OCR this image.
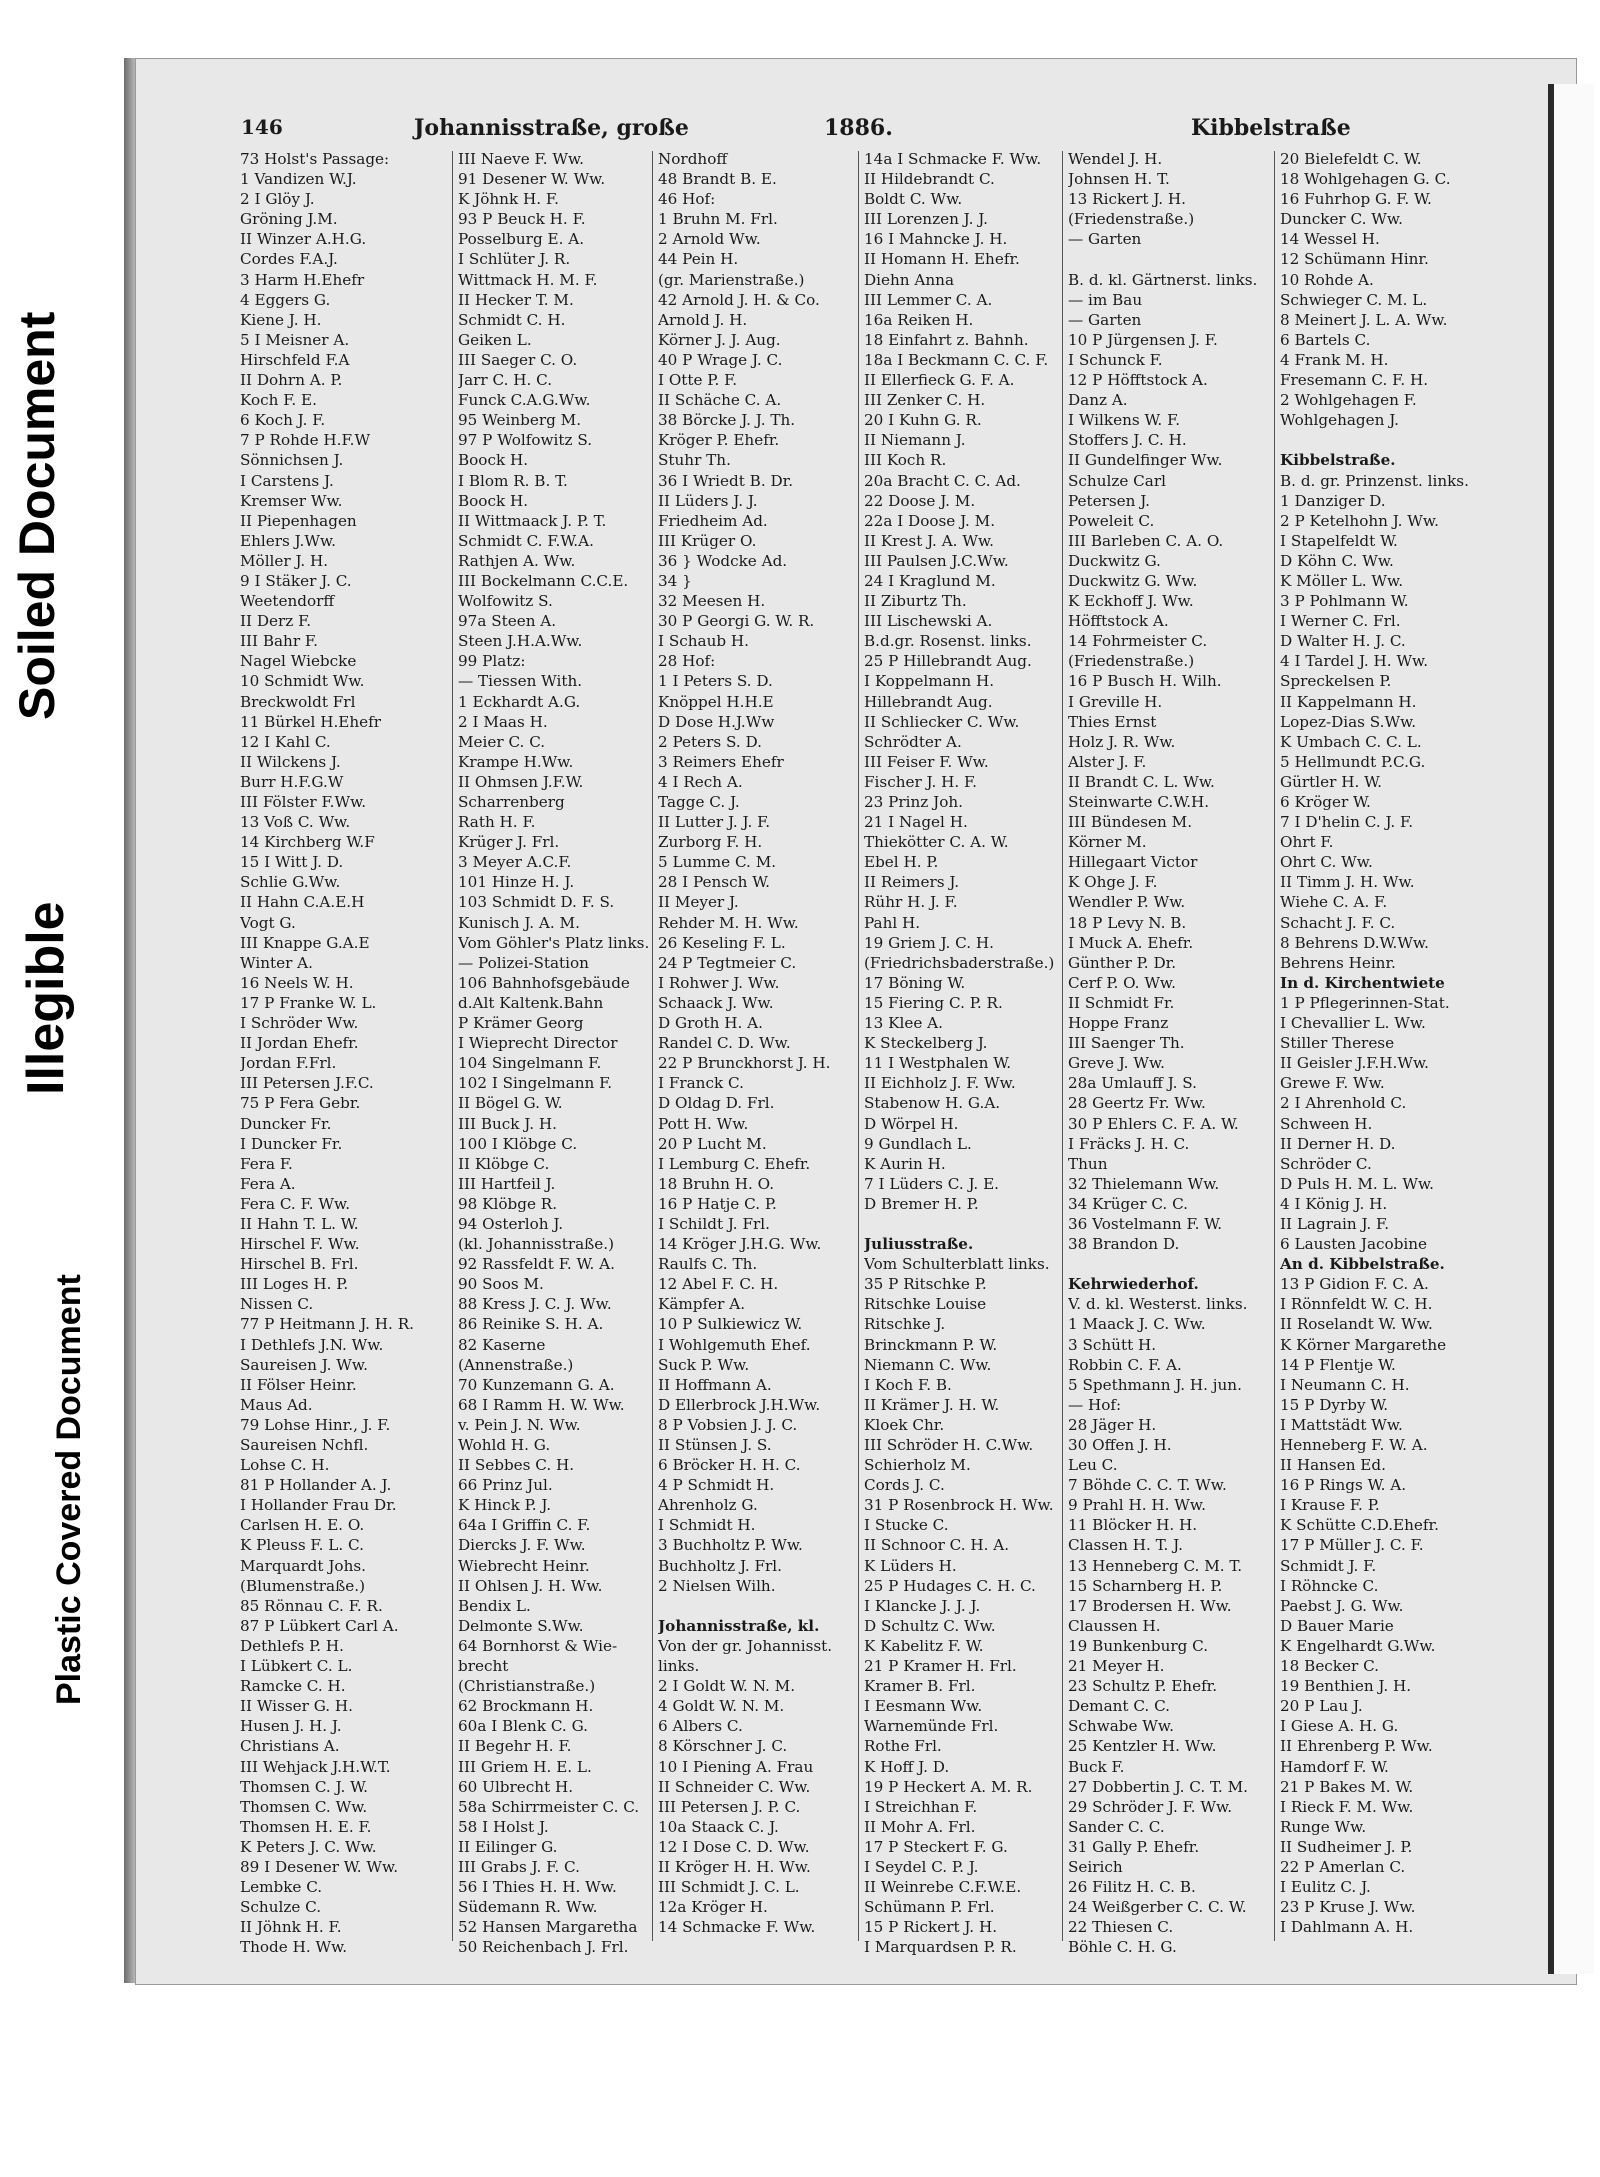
Soiled Document
Illegible
Plastic Covered Document
146	Johannisstraße, große	1886.	Kibbelstraße
73 Holst's Passage:
1 Vandizen W.J.
2 I Glöy J.
Gröning J.M.
II Winzer A.H.G.
Cordes F.A.J.
3 Harm H.Ehefr
4 Eggers G.
Kiene J. H.
5 I Meisner A.
Hirschfeld F.A
II Dohrn A. P.
Koch F. E.
6 Koch J. F.
7 P Rohde H.F.W
Sönnichsen J.
I Carstens J.
Kremser Ww.
II Piepenhagen
Ehlers J.Ww.
Möller J. H.
9 I Stäker J. C.
Weetendorff
II Derz F.
III Bahr F.
Nagel Wiebcke
10 Schmidt Ww.
Breckwoldt Frl
11 Bürkel H.Ehefr
12 I Kahl C.
II Wilckens J.
Burr H.F.G.W
III Fölster F.Ww.
13 Voß C. Ww.
14 Kirchberg W.F
15 I Witt J. D.
Schlie G.Ww.
II Hahn C.A.E.H
Vogt G.
III Knappe G.A.E
Winter A.
16 Neels W. H.
17 P Franke W. L.
I Schröder Ww.
II Jordan Ehefr.
Jordan F.Frl.
III Petersen J.F.C.
75 P Fera Gebr.
Duncker Fr.
I Duncker Fr.
Fera F.
Fera A.
Fera C. F. Ww.
II Hahn T. L. W.
Hirschel F. Ww.
Hirschel B. Frl.
III Loges H. P.
Nissen C.
77 P Heitmann J. H. R.
I Dethlefs J.N. Ww.
Saureisen J. Ww.
II Fölser Heinr.
Maus Ad.
79 Lohse Hinr., J. F.
Saureisen Nchfl.
Lohse C. H.
81 P Hollander A. J.
I Hollander Frau Dr.
Carlsen H. E. O.
K Pleuss F. L. C.
Marquardt Johs.
(Blumenstraße.)
85 Rönnau C. F. R.
87 P Lübkert Carl A.
Dethlefs P. H.
I Lübkert C. L.
Ramcke C. H.
II Wisser G. H.
Husen J. H. J.
Christians A.
III Wehjack J.H.W.T.
Thomsen C. J. W.
Thomsen C. Ww.
Thomsen H. E. F.
K Peters J. C. Ww.
89 I Desener W. Ww.
Lembke C.
Schulze C.
II Jöhnk H. F.
Thode H. Ww.
III Naeve F. Ww.
91 Desener W. Ww.
K Jöhnk H. F.
93 P Beuck H. F.
Posselburg E. A.
I Schlüter J. R.
Wittmack H. M. F.
II Hecker T. M.
Schmidt C. H.
Geiken L.
III Saeger C. O.
Jarr C. H. C.
Funck C.A.G.Ww.
95 Weinberg M.
97 P Wolfowitz S.
Boock H.
I Blom R. B. T.
Boock H.
II Wittmaack J. P. T.
Schmidt C. F.W.A.
Rathjen A. Ww.
III Bockelmann C.C.E.
Wolfowitz S.
97a Steen A.
Steen J.H.A.Ww.
99 Platz:
— Tiessen With.
1 Eckhardt A.G.
2 I Maas H.
Meier C. C.
Krampe H.Ww.
II Ohmsen J.F.W.
Scharrenberg
Rath H. F.
Krüger J. Frl.
3 Meyer A.C.F.
101 Hinze H. J.
103 Schmidt D. F. S.
Kunisch J. A. M.
Vom Göhler's Platz links.
— Polizei-Station
106 Bahnhofsgebäude
d.Alt Kaltenk.Bahn
P Krämer Georg
I Wieprecht Director
104 Singelmann F.
102 I Singelmann F.
II Bögel G. W.
III Buck J. H.
100 I Klöbge C.
II Klöbge C.
III Hartfeil J.
98 Klöbge R.
94 Osterloh J.
(kl. Johannisstraße.)
92 Rassfeldt F. W. A.
90 Soos M.
88 Kress J. C. J. Ww.
86 Reinike S. H. A.
82 Kaserne
(Annenstraße.)
70 Kunzemann G. A.
68 I Ramm H. W. Ww.
v. Pein J. N. Ww.
Wohld H. G.
II Sebbes C. H.
66 Prinz Jul.
K Hinck P. J.
64a I Griffin C. F.
Diercks J. F. Ww.
Wiebrecht Heinr.
II Ohlsen J. H. Ww.
Bendix L.
Delmonte S.Ww.
64 Bornhorst & Wie-
brecht
(Christianstraße.)
62 Brockmann H.
60a I Blenk C. G.
II Begehr H. F.
III Griem H. E. L.
60 Ulbrecht H.
58a Schirrmeister C. C.
58 I Holst J.
II Eilinger G.
III Grabs J. F. C.
56 I Thies H. H. Ww.
Südemann R. Ww.
52 Hansen Margaretha
50 Reichenbach J. Frl.
Nordhoff
48 Brandt B. E.
46 Hof:
1 Bruhn M. Frl.
2 Arnold Ww.
44 Pein H.
(gr. Marienstraße.)
42 Arnold J. H. & Co.
Arnold J. H.
Körner J. J. Aug.
40 P Wrage J. C.
I Otte P. F.
II Schäche C. A.
38 Börcke J. J. Th.
Kröger P. Ehefr.
Stuhr Th.
36 I Wriedt B. Dr.
II Lüders J. J.
Friedheim Ad.
III Krüger O.
36 } Wodcke Ad.
34 }
32 Meesen H.
30 P Georgi G. W. R.
I Schaub H.
28 Hof:
1 I Peters S. D.
Knöppel H.H.E
D Dose H.J.Ww
2 Peters S. D.
3 Reimers Ehefr
4 I Rech A.
Tagge C. J.
II Lutter J. J. F.
Zurborg F. H.
5 Lumme C. M.
28 I Pensch W.
II Meyer J.
Rehder M. H. Ww.
26 Keseling F. L.
24 P Tegtmeier C.
I Rohwer J. Ww.
Schaack J. Ww.
D Groth H. A.
Randel C. D. Ww.
22 P Brunckhorst J. H.
I Franck C.
D Oldag D. Frl.
Pott H. Ww.
20 P Lucht M.
I Lemburg C. Ehefr.
18 Bruhn H. O.
16 P Hatje C. P.
I Schildt J. Frl.
14 Kröger J.H.G. Ww.
Raulfs C. Th.
12 Abel F. C. H.
Kämpfer A.
10 P Sulkiewicz W.
I Wohlgemuth Ehef.
Suck P. Ww.
II Hoffmann A.
D Ellerbrock J.H.Ww.
8 P Vobsien J. J. C.
II Stünsen J. S.
6 Bröcker H. H. C.
4 P Schmidt H.
Ahrenholz G.
I Schmidt H.
3 Buchholtz P. Ww.
Buchholtz J. Frl.
2 Nielsen Wilh.
Johannisstraße, kl.
Von der gr. Johannisst.
links.
2 I Goldt W. N. M.
4 Goldt W. N. M.
6 Albers C.
8 Körschner J. C.
10 I Piening A. Frau
II Schneider C. Ww.
III Petersen J. P. C.
10a Staack C. J.
12 I Dose C. D. Ww.
II Kröger H. H. Ww.
III Schmidt J. C. L.
12a Kröger H.
14 Schmacke F. Ww.
14a I Schmacke F. Ww.
II Hildebrandt C.
Boldt C. Ww.
III Lorenzen J. J.
16 I Mahncke J. H.
II Homann H. Ehefr.
Diehn Anna
III Lemmer C. A.
16a Reiken H.
18 Einfahrt z. Bahnh.
18a I Beckmann C. C. F.
II Ellerfieck G. F. A.
III Zenker C. H.
20 I Kuhn G. R.
II Niemann J.
III Koch R.
20a Bracht C. C. Ad.
22 Doose J. M.
22a I Doose J. M.
II Krest J. A. Ww.
III Paulsen J.C.Ww.
24 I Kraglund M.
II Ziburtz Th.
III Lischewski A.
B.d.gr. Rosenst. links.
25 P Hillebrandt Aug.
I Koppelmann H.
Hillebrandt Aug.
II Schliecker C. Ww.
Schrödter A.
III Feiser F. Ww.
Fischer J. H. F.
23 Prinz Joh.
21 I Nagel H.
Thiekötter C. A. W.
Ebel H. P.
II Reimers J.
Rühr H. J. F.
Pahl H.
19 Griem J. C. H.
(Friedrichsbaderstraße.)
17 Böning W.
15 Fiering C. P. R.
13 Klee A.
K Steckelberg J.
11 I Westphalen W.
II Eichholz J. F. Ww.
Stabenow H. G.A.
D Wörpel H.
9 Gundlach L.
K Aurin H.
7 I Lüders C. J. E.
D Bremer H. P.
Juliusstraße.
Vom Schulterblatt links.
35 P Ritschke P.
Ritschke Louise
Ritschke J.
Brinckmann P. W.
Niemann C. Ww.
I Koch F. B.
II Krämer J. H. W.
Kloek Chr.
III Schröder H. C.Ww.
Schierholz M.
Cords J. C.
31 P Rosenbrock H. Ww.
I Stucke C.
II Schnoor C. H. A.
K Lüders H.
25 P Hudages C. H. C.
I Klancke J. J. J.
D Schultz C. Ww.
K Kabelitz F. W.
21 P Kramer H. Frl.
Kramer B. Frl.
I Eesmann Ww.
Warnemünde Frl.
Rothe Frl.
K Hoff J. D.
19 P Heckert A. M. R.
I Streichhan F.
II Mohr A. Frl.
17 P Steckert F. G.
I Seydel C. P. J.
II Weinrebe C.F.W.E.
Schümann P. Frl.
15 P Rickert J. H.
I Marquardsen P. R.
Wendel J. H.
Johnsen H. T.
13 Rickert J. H.
(Friedenstraße.)
— Garten
B. d. kl. Gärtnerst. links.
— im Bau
— Garten
10 P Jürgensen J. F.
I Schunck F.
12 P Höfftstock A.
Danz A.
I Wilkens W. F.
Stoffers J. C. H.
II Gundelfinger Ww.
Schulze Carl
Petersen J.
Poweleit C.
III Barleben C. A. O.
Duckwitz G.
Duckwitz G. Ww.
K Eckhoff J. Ww.
Höfftstock A.
14 Fohrmeister C.
(Friedenstraße.)
16 P Busch H. Wilh.
I Greville H.
Thies Ernst
Holz J. R. Ww.
Alster J. F.
II Brandt C. L. Ww.
Steinwarte C.W.H.
III Bündesen M.
Körner M.
Hillegaart Victor
K Ohge J. F.
Wendler P. Ww.
18 P Levy N. B.
I Muck A. Ehefr.
Günther P. Dr.
Cerf P. O. Ww.
II Schmidt Fr.
Hoppe Franz
III Saenger Th.
Greve J. Ww.
28a Umlauff J. S.
28 Geertz Fr. Ww.
30 P Ehlers C. F. A. W.
I Fräcks J. H. C.
Thun
32 Thielemann Ww.
34 Krüger C. C.
36 Vostelmann F. W.
38 Brandon D.
Kehrwiederhof.
V. d. kl. Westerst. links.
1 Maack J. C. Ww.
3 Schütt H.
Robbin C. F. A.
5 Spethmann J. H. jun.
— Hof:
28 Jäger H.
30 Offen J. H.
Leu C.
7 Böhde C. C. T. Ww.
9 Prahl H. H. Ww.
11 Blöcker H. H.
Classen H. T. J.
13 Henneberg C. M. T.
15 Scharnberg H. P.
17 Brodersen H. Ww.
Claussen H.
19 Bunkenburg C.
21 Meyer H.
23 Schultz P. Ehefr.
Demant C. C.
Schwabe Ww.
25 Kentzler H. Ww.
Buck F.
27 Dobbertin J. C. T. M.
29 Schröder J. F. Ww.
Sander C. C.
31 Gally P. Ehefr.
Seirich
26 Filitz H. C. B.
24 Weißgerber C. C. W.
22 Thiesen C.
Böhle C. H. G.
20 Bielefeldt C. W.
18 Wohlgehagen G. C.
16 Fuhrhop G. F. W.
Duncker C. Ww.
14 Wessel H.
12 Schümann Hinr.
10 Rohde A.
Schwieger C. M. L.
8 Meinert J. L. A. Ww.
6 Bartels C.
4 Frank M. H.
Fresemann C. F. H.
2 Wohlgehagen F.
Wohlgehagen J.
Kibbelstraße.
B. d. gr. Prinzenst. links.
1 Danziger D.
2 P Ketelhohn J. Ww.
I Stapelfeldt W.
D Köhn C. Ww.
K Möller L. Ww.
3 P Pohlmann W.
I Werner C. Frl.
D Walter H. J. C.
4 I Tardel J. H. Ww.
Spreckelsen P.
II Kappelmann H.
Lopez-Dias S.Ww.
K Umbach C. C. L.
5 Hellmundt P.C.G.
Gürtler H. W.
6 Kröger W.
7 I D'helin C. J. F.
Ohrt F.
Ohrt C. Ww.
II Timm J. H. Ww.
Wiehe C. A. F.
Schacht J. F. C.
8 Behrens D.W.Ww.
Behrens Heinr.
In d. Kirchentwiete
1 P Pflegerinnen-Stat.
I Chevallier L. Ww.
Stiller Therese
II Geisler J.F.H.Ww.
Grewe F. Ww.
2 I Ahrenhold C.
Schween H.
II Derner H. D.
Schröder C.
D Puls H. M. L. Ww.
4 I König J. H.
II Lagrain J. F.
6 Lausten Jacobine
An d. Kibbelstraße.
13 P Gidion F. C. A.
I Rönnfeldt W. C. H.
II Roselandt W. Ww.
K Körner Margarethe
14 P Flentje W.
I Neumann C. H.
15 P Dyrby W.
I Mattstädt Ww.
Henneberg F. W. A.
II Hansen Ed.
16 P Rings W. A.
I Krause F. P.
K Schütte C.D.Ehefr.
17 P Müller J. C. F.
Schmidt J. F.
I Röhncke C.
Paebst J. G. Ww.
D Bauer Marie
K Engelhardt G.Ww.
18 Becker C.
19 Benthien J. H.
20 P Lau J.
I Giese A. H. G.
II Ehrenberg P. Ww.
Hamdorf F. W.
21 P Bakes M. W.
I Rieck F. M. Ww.
Runge Ww.
II Sudheimer J. P.
22 P Amerlan C.
I Eulitz C. J.
23 P Kruse J. Ww.
I Dahlmann A. H.
